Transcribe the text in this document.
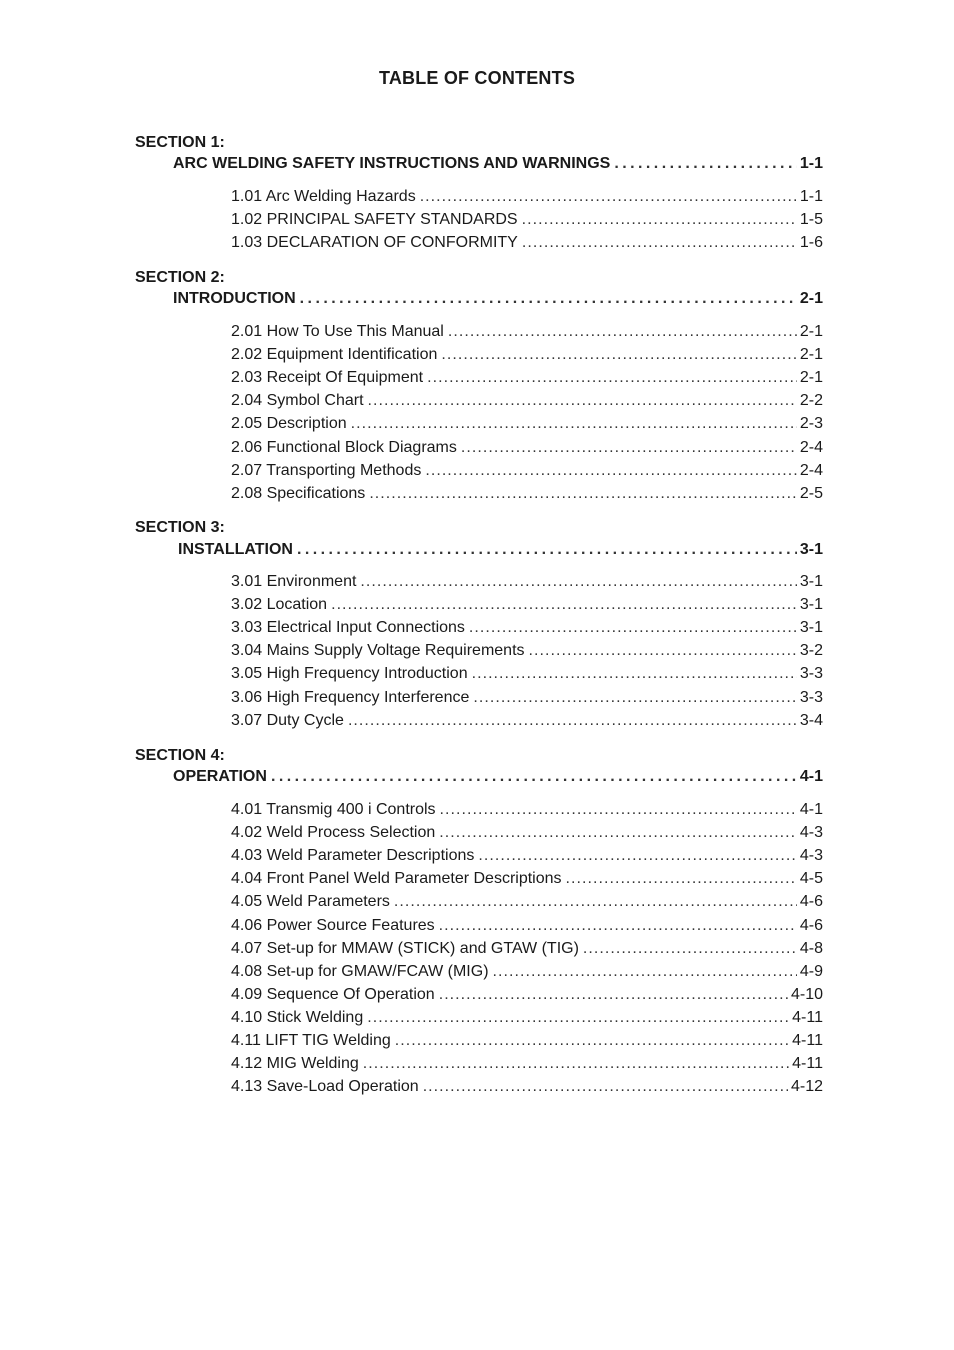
TABLE OF CONTENTS
SECTION 1:
ARC WELDING SAFETY INSTRUCTIONS AND WARNINGS . . .	1-1
1.01 Arc Welding Hazards . . .	1-1
1.02 PRINCIPAL SAFETY STANDARDS . . .	1-5
1.03 DECLARATION OF CONFORMITY . . .	1-6
SECTION 2:
INTRODUCTION . . .	2-1
2.01 How To Use This Manual . . .	2-1
2.02 Equipment Identification . . .	2-1
2.03 Receipt Of Equipment . . .	2-1
2.04 Symbol Chart . . .	2-2
2.05 Description . . .	2-3
2.06 Functional Block Diagrams . . .	2-4
2.07 Transporting Methods . . .	2-4
2.08 Specifications . . .	2-5
SECTION 3:
INSTALLATION . . .	3-1
3.01 Environment . . .	3-1
3.02 Location . . .	3-1
3.03 Electrical Input Connections . . .	3-1
3.04 Mains Supply Voltage Requirements . . .	3-2
3.05 High Frequency Introduction . . .	3-3
3.06 High Frequency Interference . . .	3-3
3.07 Duty Cycle . . .	3-4
SECTION 4:
OPERATION . . .	4-1
4.01 Transmig 400 i Controls . . .	4-1
4.02 Weld Process Selection . . .	4-3
4.03 Weld Parameter Descriptions . . .	4-3
4.04 Front Panel Weld Parameter Descriptions . . .	4-5
4.05 Weld Parameters . . .	4-6
4.06 Power Source Features . . .	4-6
4.07 Set-up for MMAW (STICK) and GTAW (TIG) . . .	4-8
4.08 Set-up for GMAW/FCAW (MIG) . . .	4-9
4.09 Sequence Of Operation . . .	4-10
4.10 Stick Welding . . .	4-11
4.11 LIFT TIG Welding . . .	4-11
4.12 MIG Welding . . .	4-11
4.13 Save-Load Operation . . .	4-12
